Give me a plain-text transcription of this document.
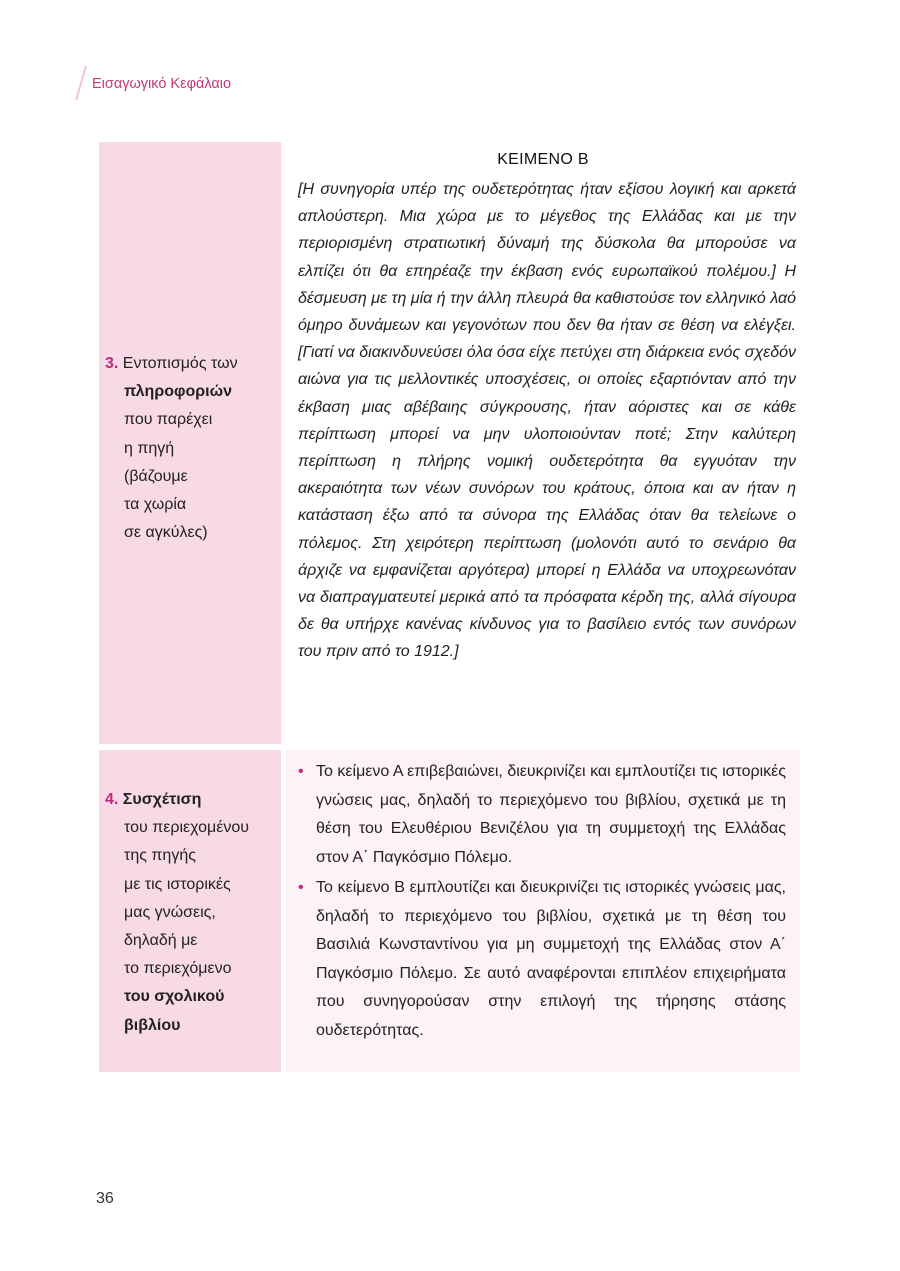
Εισαγωγικό Κεφάλαιο
3. Εντοπισμός των
πληροφοριών
που παρέχει
η πηγή
(βάζουμε
τα χωρία
σε αγκύλες)
ΚΕΙΜΕΝΟ Β
[Η συνηγορία υπέρ της ουδετερότητας ήταν εξίσου λογική και αρκετά απλούστερη. Μια χώρα με το μέγεθος της Ελλάδας και με την περιορισμένη στρατιωτική δύναμή της δύσκολα θα μπορούσε να ελπίζει ότι θα επηρέαζε την έκβαση ενός ευρωπαϊκού πολέμου.] Η δέσμευση με τη μία ή την άλλη πλευρά θα καθιστούσε τον ελληνικό λαό όμηρο δυνάμεων και γεγονότων που δεν θα ήταν σε θέση να ελέγξει. [Γιατί να διακινδυνεύσει όλα όσα είχε πετύχει στη διάρκεια ενός σχεδόν αιώνα για τις μελλοντικές υποσχέσεις, οι οποίες εξαρτιόνταν από την έκβαση μιας αβέβαιης σύγκρουσης, ήταν αόριστες και σε κάθε περίπτωση μπορεί να μην υλοποιούνταν ποτέ; Στην καλύτερη περίπτωση η πλήρης νομική ουδετερότητα θα εγγυόταν την ακεραιότητα των νέων συνόρων του κράτους, όποια και αν ήταν η κατάσταση έξω από τα σύνορα της Ελλάδας όταν θα τελείωνε ο πόλεμος. Στη χειρότερη περίπτωση (μολονότι αυτό το σενάριο θα άρχιζε να εμφανίζεται αργότερα) μπορεί η Ελλάδα να υποχρεωνόταν να διαπραγματευτεί μερικά από τα πρόσφατα κέρδη της, αλλά σίγουρα δε θα υπήρχε κανένας κίνδυνος για το βασίλειο εντός των συνόρων του πριν από το 1912.]
4. Συσχέτιση
του περιεχομένου
της πηγής
με τις ιστορικές
μας γνώσεις,
δηλαδή με
το περιεχόμενο
του σχολικού
βιβλίου
• Το κείμενο Α επιβεβαιώνει, διευκρινίζει και εμπλουτίζει τις ιστορικές γνώσεις μας, δηλαδή το περιεχόμενο του βιβλίου, σχετικά με τη θέση του Ελευθέριου Βενιζέλου για τη συμμετοχή της Ελλάδας στον Α΄ Παγκόσμιο Πόλεμο.
• Το κείμενο Β εμπλουτίζει και διευκρινίζει τις ιστορικές γνώσεις μας, δηλαδή το περιεχόμενο του βιβλίου, σχετικά με τη θέση του Βασιλιά Κωνσταντίνου για μη συμμετοχή της Ελλάδας στον Α΄ Παγκόσμιο Πόλεμο. Σε αυτό αναφέρονται επιπλέον επιχειρήματα που συνηγορούσαν στην επιλογή της τήρησης στάσης ουδετερότητας.
36
